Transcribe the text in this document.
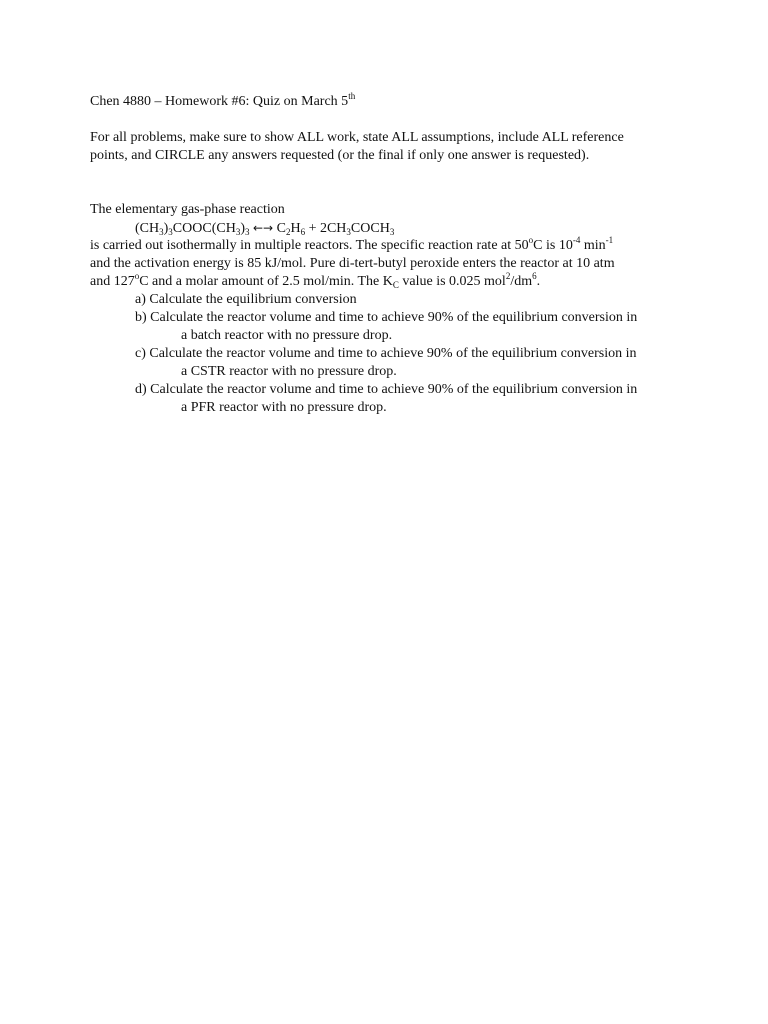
Chen 4880 – Homework #6: Quiz on March 5th
For all problems, make sure to show ALL work, state ALL assumptions, include ALL reference
points, and CIRCLE any answers requested (or the final if only one answer is requested).
The elementary gas-phase reaction
$(CH_3)_3COOC(CH_3)_3$ ←→ $C_2H_6$ + $2CH_3COCH_3$
is carried out isothermally in multiple reactors. The specific reaction rate at 50$^o$C is $10^{-4}$ $\min^{-1}$
and the activation energy is 85 kJ/mol. Pure di-tert-butyl peroxide enters the reactor at 10 atm
and 127$^o$C and a molar amount of 2.5 mol/min. The $K_C$ value is 0.025 $mol^2/dm^6$.
a) Calculate the equilibrium conversion
b) Calculate the reactor volume and time to achieve 90% of the equilibrium conversion in
a batch reactor with no pressure drop.
c) Calculate the reactor volume and time to achieve 90% of the equilibrium conversion in
a CSTR reactor with no pressure drop.
d) Calculate the reactor volume and time to achieve 90% of the equilibrium conversion in
a PFR reactor with no pressure drop.
